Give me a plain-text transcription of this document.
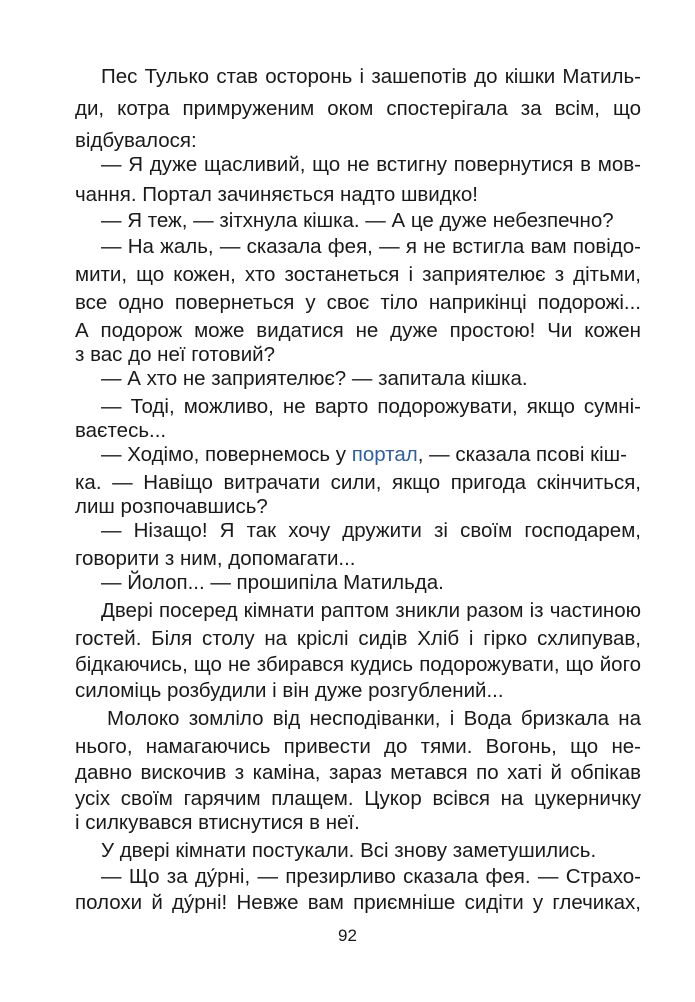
Пес Тулько став осторонь і зашепотів до кішки Матиль-
ди, котра примруженим оком спостерігала за всім, що
відбувалося:
— Я дуже щасливий, що не встигну повернутися в мов-
чання. Портал зачиняється надто швидко!
— Я теж, — зітхнула кішка. — А це дуже небезпечно?
— На жаль, — сказала фея, — я не встигла вам повідо-
мити, що кожен, хто зостанеться і заприятелює з дітьми,
все одно повернеться у своє тіло наприкінці подорожі...
А подорож може видатися не дуже простою! Чи кожен
з вас до неї готовий?
— А хто не заприятелює? — запитала кішка.
— Тоді, можливо, не варто подорожувати, якщо сумні-
ваєтесь...
— Ходімо, повернемось у портал, — сказала псові кіш-
ка. — Навіщо витрачати сили, якщо пригода скінчиться,
лиш розпочавшись?
— Нізащо! Я так хочу дружити зі своїм господарем,
говорити з ним, допомагати...
— Йолоп... — прошипіла Матильда.
Двері посеред кімнати раптом зникли разом із частиною
гостей. Біля столу на кріслі сидів Хліб і гірко схлипував,
бідкаючись, що не збирався кудись подорожувати, що його
силоміць розбудили і він дуже розгублений...
Молоко зомліло від несподіванки, і Вода бризкала на
нього, намагаючись привести до тями. Вогонь, що не-
давно вискочив з каміна, зараз метався по хаті й обпікав
усіх своїм гарячим плащем. Цукор всівся на цукерничку
і силкувався втиснутися в неї.
У двері кімнати постукали. Всі знову заметушились.
— Що за ду́рні, — презирливо сказала фея. — Страхо-
полохи й ду́рні! Невже вам приємніше сидіти у глечиках,
92
